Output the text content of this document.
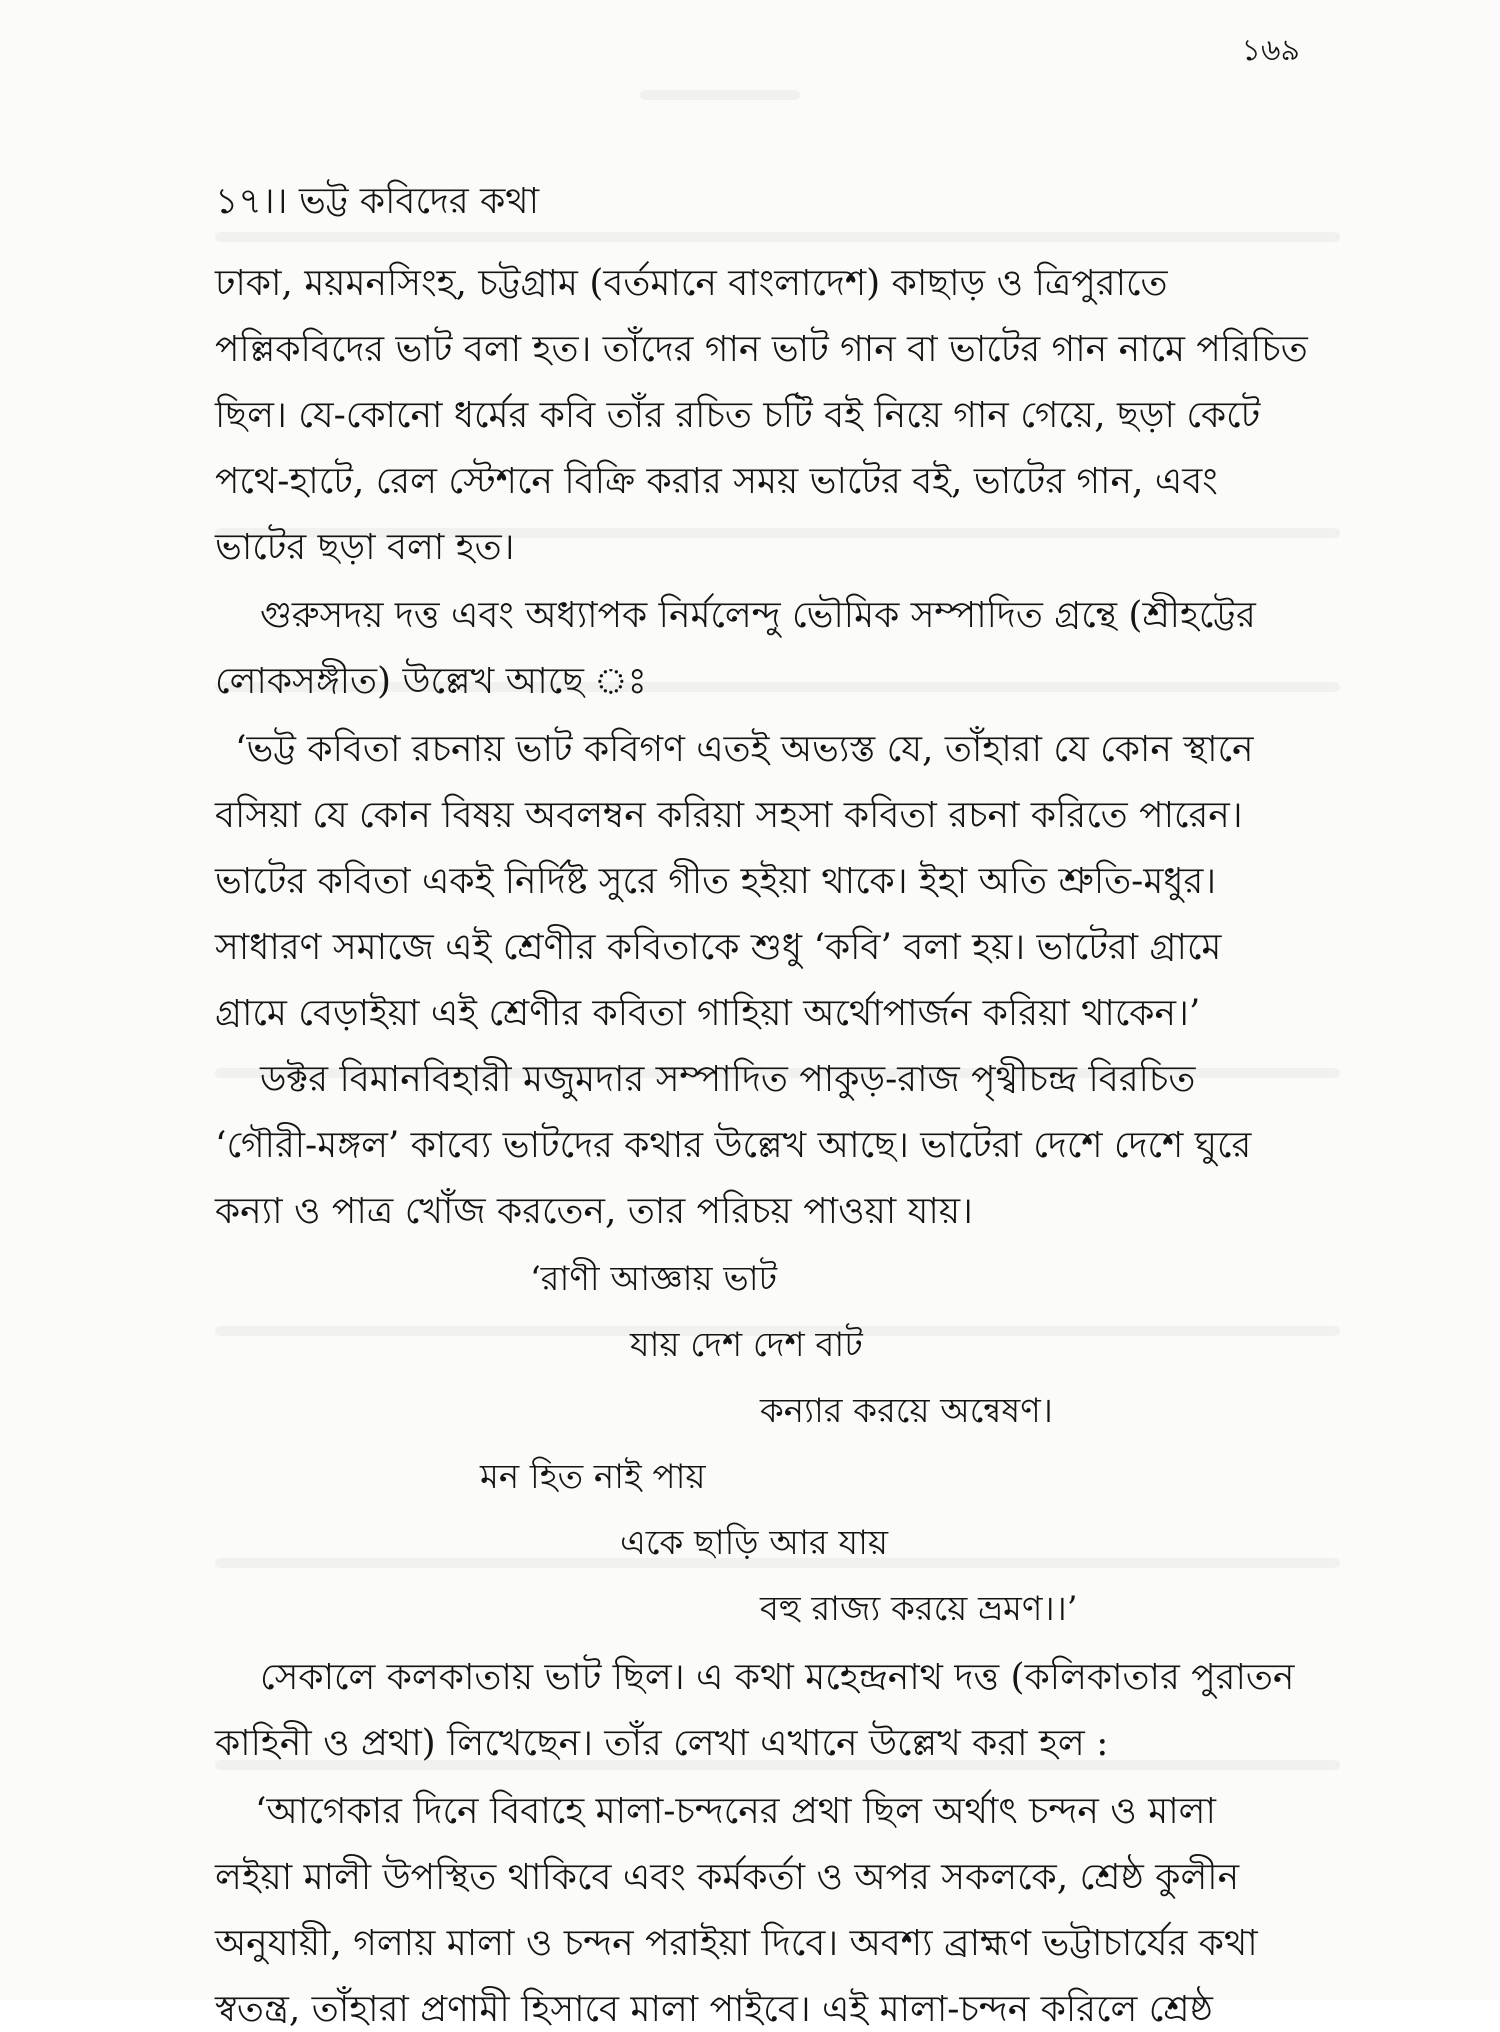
১৬৯
১৭।। ভট্ট কবিদের কথা
ঢাকা, ময়মনসিংহ, চট্টগ্রাম (বর্তমানে বাংলাদেশ) কাছাড় ও ত্রিপুরাতে
পল্লিকবিদের ভাট বলা হত। তাঁদের গান ভাট গান বা ভাটের গান নামে পরিচিত
ছিল। যে-কোনো ধর্মের কবি তাঁর রচিত চটি বই নিয়ে গান গেয়ে, ছড়া কেটে
পথে-হাটে, রেল স্টেশনে বিক্রি করার সময় ভাটের বই, ভাটের গান, এবং
ভাটের ছড়া বলা হত।
গুরুসদয় দত্ত এবং অধ্যাপক নির্মলেন্দু ভৌমিক সম্পাদিত গ্রন্থে (শ্রীহট্টের
লোকসঙ্গীত) উল্লেখ আছে ঃ
‘ভট্ট কবিতা রচনায় ভাট কবিগণ এতই অভ্যস্ত যে, তাঁহারা যে কোন স্থানে
বসিয়া যে কোন বিষয় অবলম্বন করিয়া সহসা কবিতা রচনা করিতে পারেন।
ভাটের কবিতা একই নির্দিষ্ট সুরে গীত হইয়া থাকে। ইহা অতি শ্রুতি-মধুর।
সাধারণ সমাজে এই শ্রেণীর কবিতাকে শুধু ‘কবি’ বলা হয়। ভাটেরা গ্রামে
গ্রামে বেড়াইয়া এই শ্রেণীর কবিতা গাহিয়া অর্থোপার্জন করিয়া থাকেন।’
ডক্টর বিমানবিহারী মজুমদার সম্পাদিত পাকুড়-রাজ পৃথ্বীচন্দ্র বিরচিত
‘গৌরী-মঙ্গল’ কাব্যে ভাটদের কথার উল্লেখ আছে। ভাটেরা দেশে দেশে ঘুরে
কন্যা ও পাত্র খোঁজ করতেন, তার পরিচয় পাওয়া যায়।
‘রাণী আজ্ঞায় ভাট
যায় দেশ দেশ বাট
কন্যার করয়ে অন্বেষণ।
মন হিত নাই পায়
একে ছাড়ি আর যায়
বহু রাজ্য করয়ে ভ্রমণ।।’
সেকালে কলকাতায় ভাট ছিল। এ কথা মহেন্দ্রনাথ দত্ত (কলিকাতার পুরাতন
কাহিনী ও প্রথা) লিখেছেন। তাঁর লেখা এখানে উল্লেখ করা হল :
‘আগেকার দিনে বিবাহে মালা-চন্দনের প্রথা ছিল অর্থাৎ চন্দন ও মালা
লইয়া মালী উপস্থিত থাকিবে এবং কর্মকর্তা ও অপর সকলকে, শ্রেষ্ঠ কুলীন
অনুযায়ী, গলায় মালা ও চন্দন পরাইয়া দিবে। অবশ্য ব্রাহ্মণ ভট্টাচার্যের কথা
স্বতন্ত্র, তাঁহারা প্রণামী হিসাবে মালা পাইবে। এই মালা-চন্দন করিলে শ্রেষ্ঠ
